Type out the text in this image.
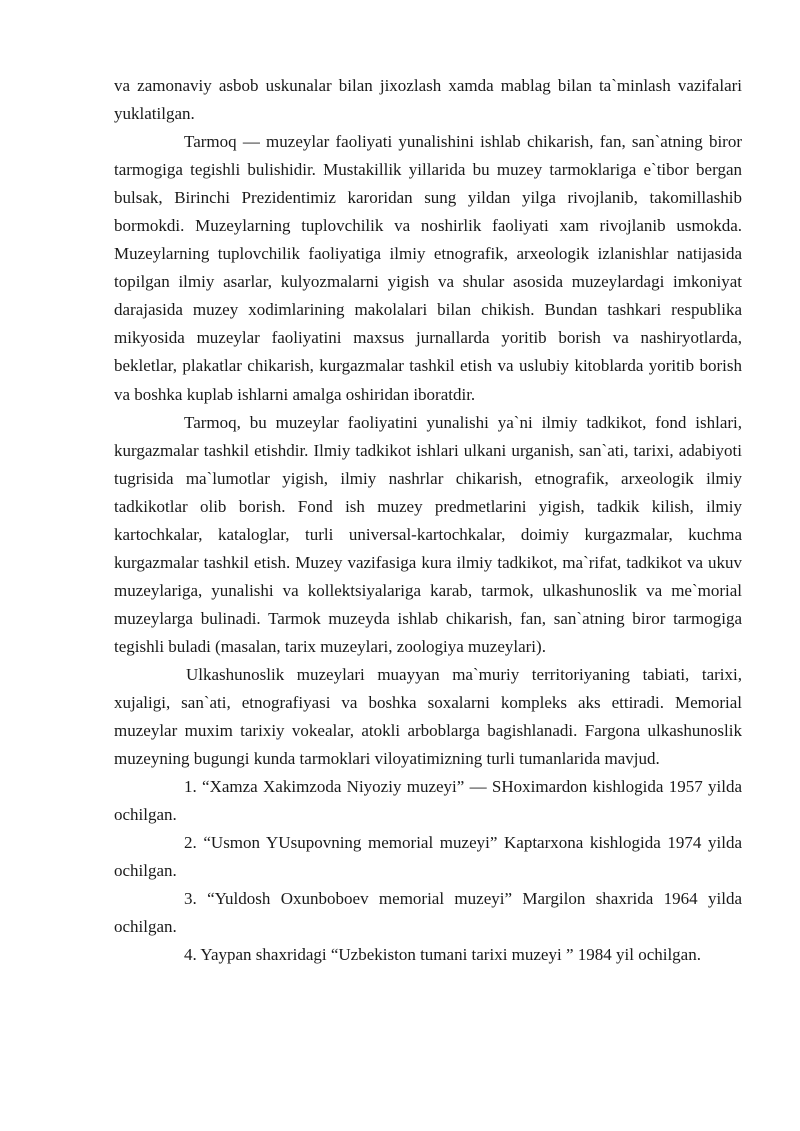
va zamonaviy asbob uskunalar bilan jixozlash xamda mablag bilan ta`minlash vazifalari yuklatilgan.

Tarmoq — muzeylar faoliyati yunalishini ishlab chikarish, fan, san`atning biror tarmogiga tegishli bulishidir. Mustakillik yillarida bu muzey tarmoklariga e`tibor bergan bulsak, Birinchi Prezidentimiz karoridan sung yildan yilga rivojlanib, takomillashib bormokdi. Muzeylarning tuplovchilik va noshirlik faoliyati xam rivojlanib usmokda. Muzeylarning tuplovchilik faoliyatiga ilmiy etnografik, arxeologik izlanishlar natijasida topilgan ilmiy asarlar, kulyozmalarni yigish va shular asosida muzeylardagi imkoniyat darajasida muzey xodimlarining makolalari bilan chikish. Bundan tashkari respublika mikyosida muzeylar faoliyatini maxsus jurnallarda yoritib borish va nashiryotlarda, bekletlar, plakatlar chikarish, kurgazmalar tashkil etish va uslubiy kitoblarda yoritib borish va boshka kuplab ishlarni amalga oshiridan iboratdir.

Tarmoq, bu muzeylar faoliyatini yunalishi ya`ni ilmiy tadkikot, fond ishlari, kurgazmalar tashkil etishdir. Ilmiy tadkikot ishlari ulkani urganish, san`ati, tarixi, adabiyoti tugrisida ma`lumotlar yigish, ilmiy nashrlar chikarish, etnografik, arxeologik ilmiy tadkikotlar olib borish. Fond ish muzey predmetlarini yigish, tadkik kilish, ilmiy kartochkalar, kataloglar, turli universal-kartochkalar, doimiy kurgazmalar, kuchma kurgazmalar tashkil etish. Muzey vazifasiga kura ilmiy tadkikot, ma`rifat, tadkikot va ukuv muzeylariga, yunalishi va kollektsiyalariga karab, tarmok, ulkashunoslik va me`morial muzeylarga bulinadi. Tarmok muzeyda ishlab chikarish, fan, san`atning biror tarmogiga tegishli buladi (masalan, tarix muzeylari, zoologiya muzeylari).

Ulkashunoslik muzeylari muayyan ma`muriy territoriyaning tabiati, tarixi, xujaligi, san`ati, etnografiyasi va boshka soxalarni kompleks aks ettiradi. Memorial muzeylar muxim tarixiy vokealar, atokli arboblarga bagishlanadi. Fargona ulkashunoslik muzeyning bugungi kunda tarmoklari viloyatimizning turli tumanlarida mavjud.

1. “Xamza Xakimzoda Niyoziy muzeyi” — SHoximardon kishlogida 1957 yilda ochilgan.

2. “Usmon YUsupovning memorial muzeyi” Kaptarxona kishlogida 1974 yilda ochilgan.

3. “Yuldosh Oxunboboev memorial muzeyi” Margilon shaxrida 1964 yilda ochilgan.

4. Yaypan shaxridagi “Uzbekiston tumani tarixi muzeyi ” 1984 yil ochilgan.
